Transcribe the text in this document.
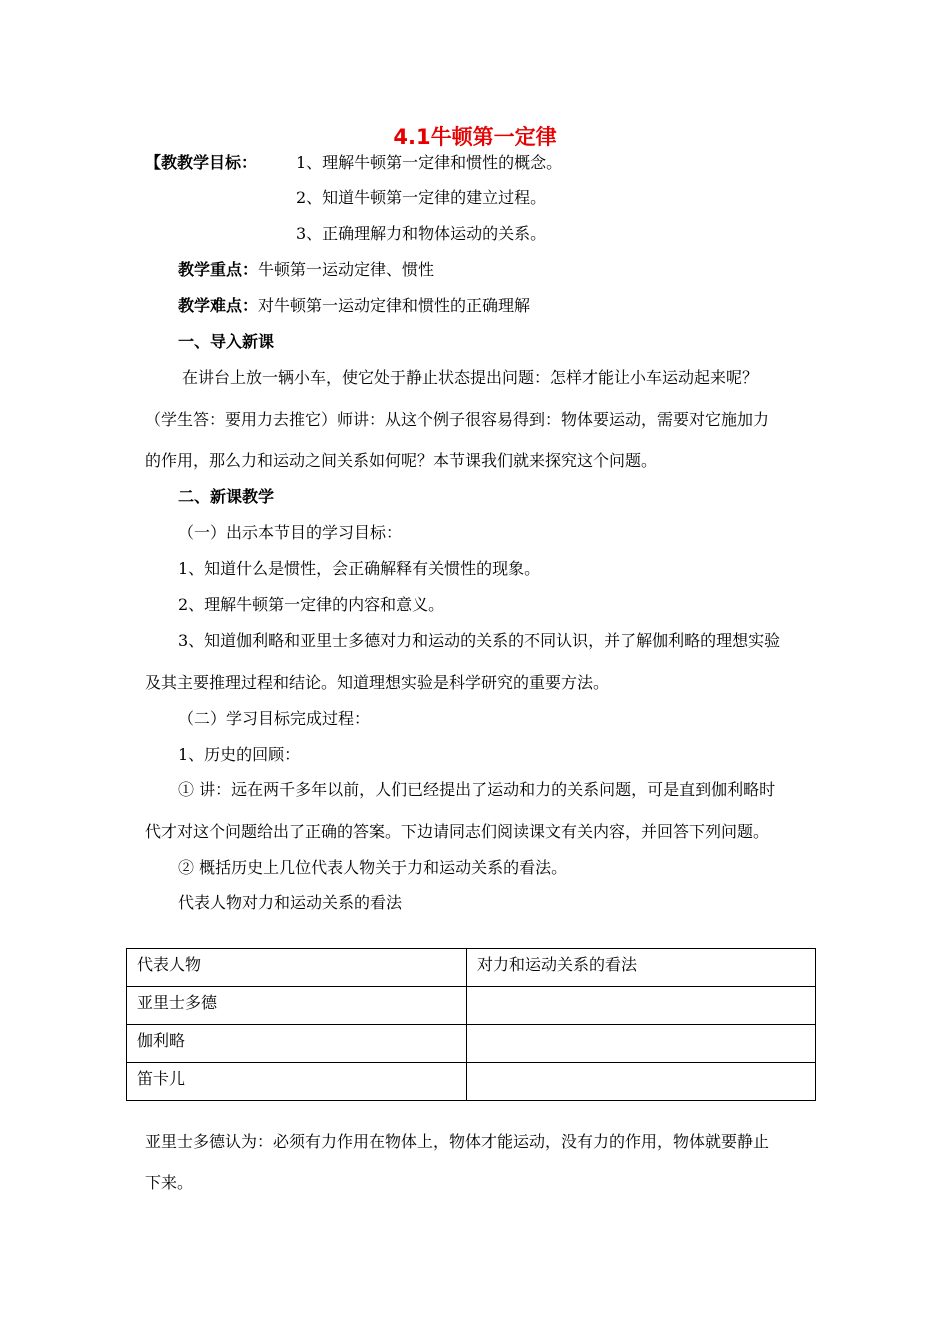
4.1牛顿第一定律
【教教学目标： 1、理解牛顿第一定律和惯性的概念。
2、知道牛顿第一定律的建立过程。
3、正确理解力和物体运动的关系。
教学重点：牛顿第一运动定律、惯性
教学难点：对牛顿第一运动定律和惯性的正确理解
一、导入新课
在讲台上放一辆小车，使它处于静止状态提出问题：怎样才能让小车运动起来呢？
（学生答：要用力去推它）师讲：从这个例子很容易得到：物体要运动，需要对它施加力
的作用，那么力和运动之间关系如何呢？本节课我们就来探究这个问题。
二、新课教学
（一）出示本节目的学习目标：
1、知道什么是惯性，会正确解释有关惯性的现象。
2、理解牛顿第一定律的内容和意义。
3、知道伽利略和亚里士多德对力和运动的关系的不同认识，并了解伽利略的理想实验
及其主要推理过程和结论。知道理想实验是科学研究的重要方法。
（二）学习目标完成过程：
1、历史的回顾：
① 讲：远在两千多年以前，人们已经提出了运动和力的关系问题，可是直到伽利略时
代才对这个问题给出了正确的答案。下边请同志们阅读课文有关内容，并回答下列问题。
② 概括历史上几位代表人物关于力和运动关系的看法。
代表人物对力和运动关系的看法
代表人物	对力和运动关系的看法
亚里士多德	
伽利略	
笛卡儿	
亚里士多德认为：必须有力作用在物体上，物体才能运动，没有力的作用，物体就要静止
下来。
